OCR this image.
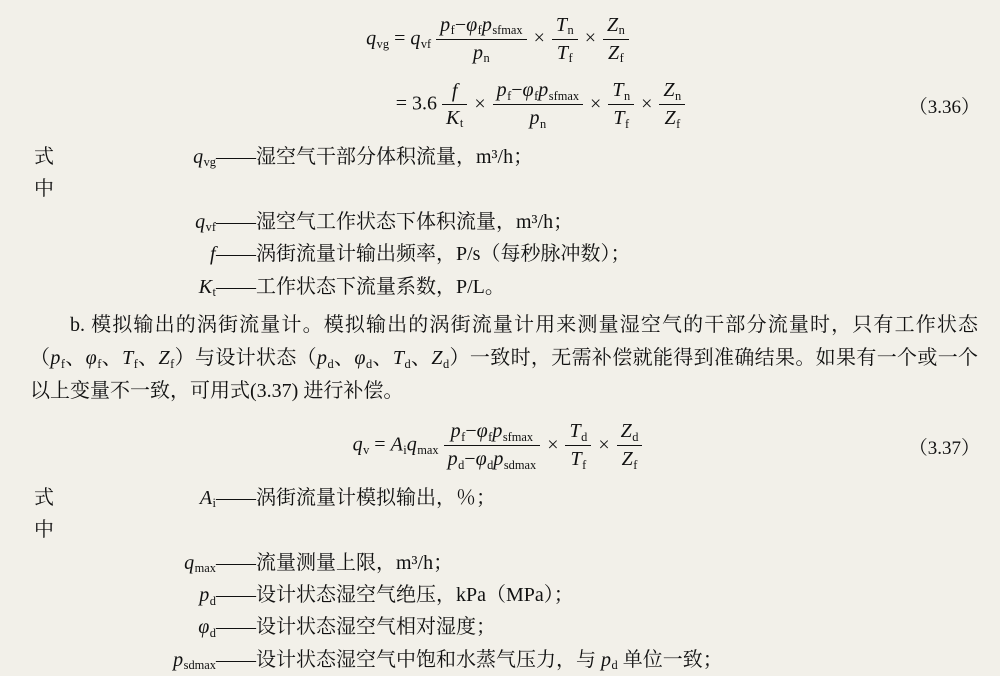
$q_{vg} = q_{vf} \frac{p_f-\varphi_fp_{sfmax}}{p_n} \times \frac{T_n}{T_f} \times \frac{Z_n}{Z_f}$
= $3.6 \frac{f}{K_t} \times \frac{p_f-\varphi_fp_{sfmax}}{p_n} \times \frac{T_n}{T_f} \times \frac{Z_n}{Z_f}$	（3.36）
式中
$q_{vg}$ —— 湿空气干部分体积流量，m³/h；
$q_{vf}$ —— 湿空气工作状态下体积流量，m³/h；
f —— 涡街流量计输出频率，P/s（每秒脉冲数）；
$K_t$ —— 工作状态下流量系数，P/L。
b. 模拟输出的涡街流量计。模拟输出的涡街流量计用来测量湿空气的干部分流量时，只有工作状态（$p_f$、$\varphi_f$、$T_f$、$Z_f$）与设计状态（$p_d$、$\varphi_d$、$T_d$、$Z_d$）一致时，无需补偿就能得到准确结果。如果有一个或一个以上变量不一致，可用式(3.37) 进行补偿。
$q_v = A_iq_{max} \frac{p_f-\varphi_fp_{sfmax}}{p_d-\varphi_dp_{sdmax}} \times \frac{T_d}{T_f} \times \frac{Z_d}{Z_f}$	（3.37）
式中
$A_i$ —— 涡街流量计模拟输出，％；
$q_{max}$ —— 流量测量上限，m³/h；
$p_d$ —— 设计状态湿空气绝压，kPa（MPa）；
$\varphi_d$ —— 设计状态湿空气相对湿度；
$p_{sdmax}$ —— 设计状态湿空气中饱和水蒸气压力，与 $p_d$ 单位一致；
